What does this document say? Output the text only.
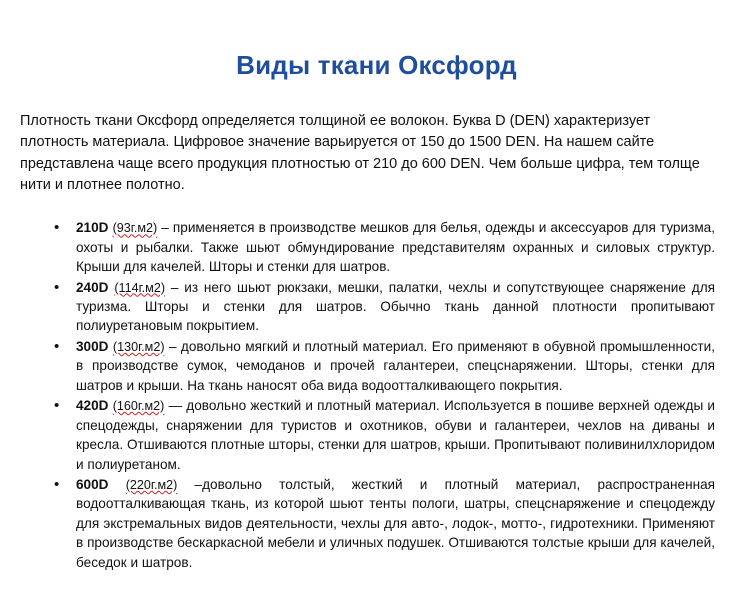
Виды ткани Оксфорд

Плотность ткани Оксфорд определяется толщиной ее волокон. Буква D (DEN) характеризует плотность материала. Цифровое значение варьируется от 150 до 1500 DEN. На нашем сайте представлена чаще всего продукция плотностью от 210 до 600 DEN. Чем больше цифра, тем толще нити и плотнее полотно.

• 210D (93г.м2) – применяется в производстве мешков для белья, одежды и аксессуаров для туризма, охоты и рыбалки. Также шьют обмундирование представителям охранных и силовых структур. Крыши для качелей. Шторы и стенки для шатров.
• 240D (114г.м2) – из него шьют рюкзаки, мешки, палатки, чехлы и сопутствующее снаряжение для туризма. Шторы и стенки для шатров. Обычно ткань данной плотности пропитывают полиуретановым покрытием.
• 300D (130г.м2) – довольно мягкий и плотный материал. Его применяют в обувной промышленности, в производстве сумок, чемоданов и прочей галантереи, спецснаряжении. Шторы, стенки для шатров и крыши. На ткань наносят оба вида водоотталкивающего покрытия.
• 420D (160г.м2) — довольно жесткий и плотный материал. Используется в пошиве верхней одежды и спецодежды, снаряжении для туристов и охотников, обуви и галантереи, чехлов на диваны и кресла. Отшиваются плотные шторы, стенки для шатров, крыши. Пропитывают поливинилхлоридом и полиуретаном.
• 600D (220г.м2) –довольно толстый, жесткий и плотный материал, распространенная водоотталкивающая ткань, из которой шьют тенты пологи, шатры, спецснаряжение и спецодежду для экстремальных видов деятельности, чехлы для авто-, лодок-, мотто-, гидротехники. Применяют в производстве бескаркасной мебели и уличных подушек. Отшиваются толстые крыши для качелей, беседок и шатров.
